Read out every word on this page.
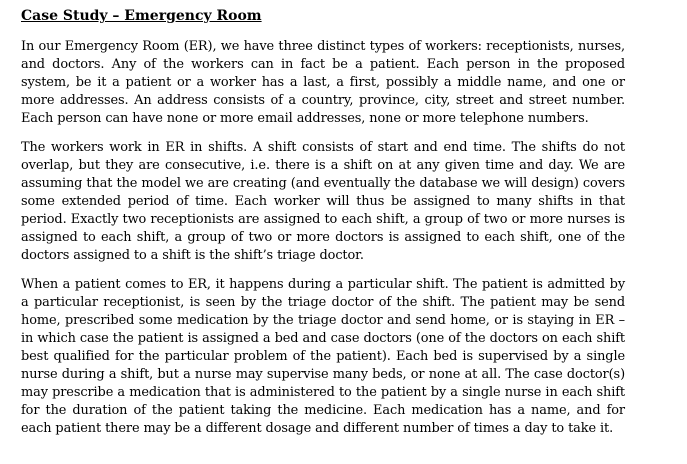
Case Study – Emergency Room

In our Emergency Room (ER), we have three distinct types of workers: receptionists, nurses, and doctors. Any of the workers can in fact be a patient. Each person in the proposed system, be it a patient or a worker has a last, a first, possibly a middle name, and one or more addresses. An address consists of a country, province, city, street and street number. Each person can have none or more email addresses, none or more telephone numbers.

The workers work in ER in shifts. A shift consists of start and end time. The shifts do not overlap, but they are consecutive, i.e. there is a shift on at any given time and day. We are assuming that the model we are creating (and eventually the database we will design) covers some extended period of time. Each worker will thus be assigned to many shifts in that period. Exactly two receptionists are assigned to each shift, a group of two or more nurses is assigned to each shift, a group of two or more doctors is assigned to each shift, one of the doctors assigned to a shift is the shift’s triage doctor.

When a patient comes to ER, it happens during a particular shift. The patient is admitted by a particular receptionist, is seen by the triage doctor of the shift. The patient may be send home, prescribed some medication by the triage doctor and send home, or is staying in ER – in which case the patient is assigned a bed and case doctors (one of the doctors on each shift best qualified for the particular problem of the patient). Each bed is supervised by a single nurse during a shift, but a nurse may supervise many beds, or none at all. The case doctor(s) may prescribe a medication that is administered to the patient by a single nurse in each shift for the duration of the patient taking the medicine. Each medication has a name, and for each patient there may be a different dosage and different number of times a day to take it.
